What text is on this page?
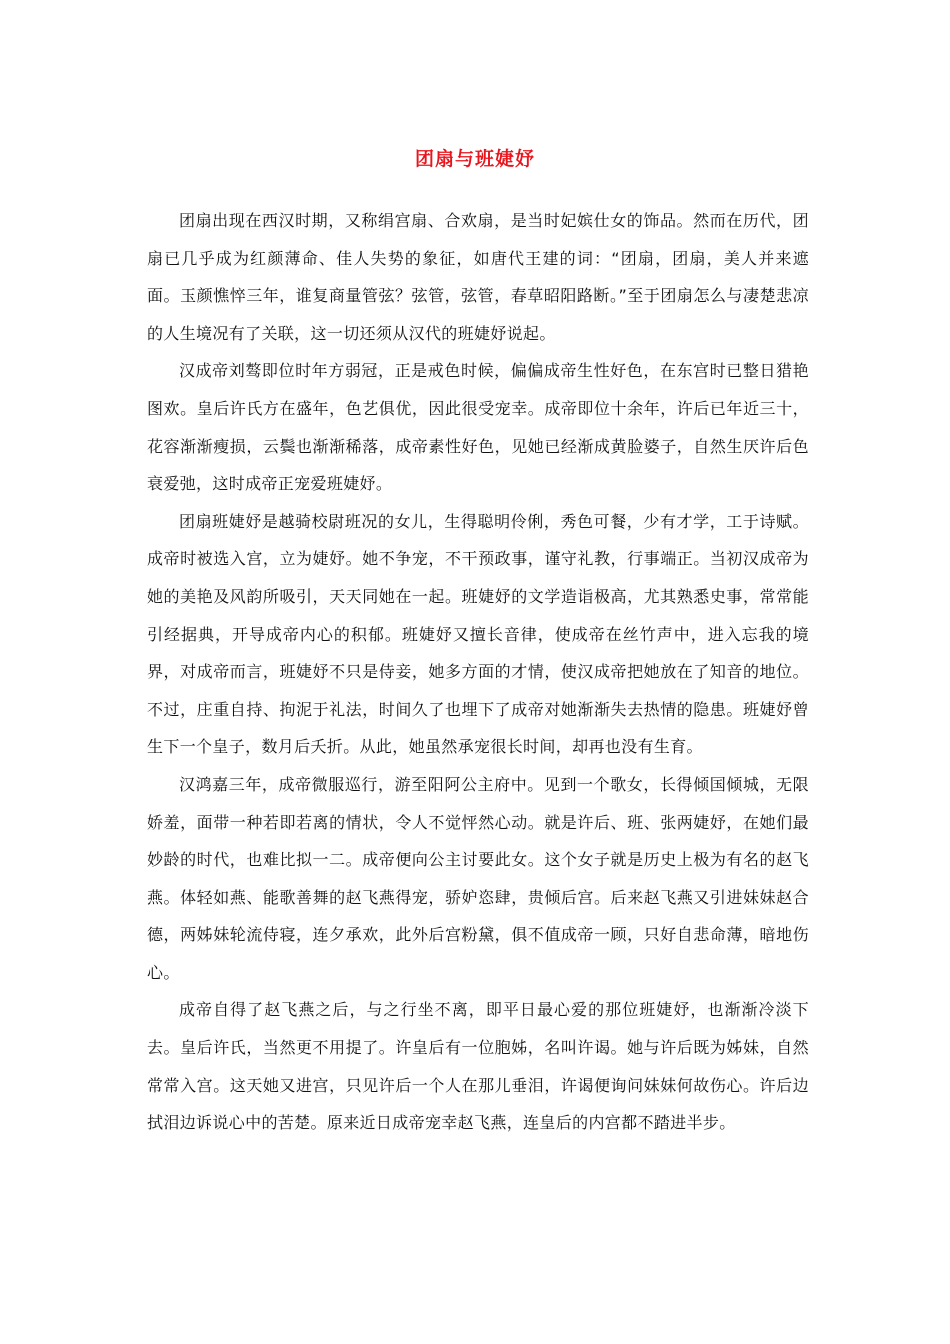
团扇与班婕妤

团扇出现在西汉时期，又称绢宫扇、合欢扇，是当时妃嫔仕女的饰品。然而在历代，团扇已几乎成为红颜薄命、佳人失势的象征，如唐代王建的词：“团扇，团扇，美人并来遮面。玉颜憔悴三年，谁复商量管弦？弦管，弦管，春草昭阳路断。”至于团扇怎么与凄楚悲凉的人生境况有了关联，这一切还须从汉代的班婕妤说起。

汉成帝刘骜即位时年方弱冠，正是戒色时候，偏偏成帝生性好色，在东宫时已整日猎艳图欢。皇后许氏方在盛年，色艺俱优，因此很受宠幸。成帝即位十余年，许后已年近三十，花容渐渐瘦损，云鬓也渐渐稀落，成帝素性好色，见她已经渐成黄脸婆子，自然生厌许后色衰爱弛，这时成帝正宠爱班婕妤。

团扇班婕妤是越骑校尉班况的女儿，生得聪明伶俐，秀色可餐，少有才学，工于诗赋。成帝时被选入宫，立为婕妤。她不争宠，不干预政事，谨守礼教，行事端正。当初汉成帝为她的美艳及风韵所吸引，天天同她在一起。班婕妤的文学造诣极高，尤其熟悉史事，常常能引经据典，开导成帝内心的积郁。班婕妤又擅长音律，使成帝在丝竹声中，进入忘我的境界，对成帝而言，班婕妤不只是侍妾，她多方面的才情，使汉成帝把她放在了知音的地位。不过，庄重自持、拘泥于礼法，时间久了也埋下了成帝对她渐渐失去热情的隐患。班婕妤曾生下一个皇子，数月后夭折。从此，她虽然承宠很长时间，却再也没有生育。

汉鸿嘉三年，成帝微服巡行，游至阳阿公主府中。见到一个歌女，长得倾国倾城，无限娇羞，面带一种若即若离的情状，令人不觉怦然心动。就是许后、班、张两婕妤，在她们最妙龄的时代，也难比拟一二。成帝便向公主讨要此女。这个女子就是历史上极为有名的赵飞燕。体轻如燕、能歌善舞的赵飞燕得宠，骄妒恣肆，贵倾后宫。后来赵飞燕又引进妹妹赵合德，两姊妹轮流侍寝，连夕承欢，此外后宫粉黛，俱不值成帝一顾，只好自悲命薄，暗地伤心。

成帝自得了赵飞燕之后，与之行坐不离，即平日最心爱的那位班婕妤，也渐渐冷淡下去。皇后许氏，当然更不用提了。许皇后有一位胞姊，名叫许谒。她与许后既为姊妹，自然常常入宫。这天她又进宫，只见许后一个人在那儿垂泪，许谒便询问妹妹何故伤心。许后边拭泪边诉说心中的苦楚。原来近日成帝宠幸赵飞燕，连皇后的内宫都不踏进半步。
